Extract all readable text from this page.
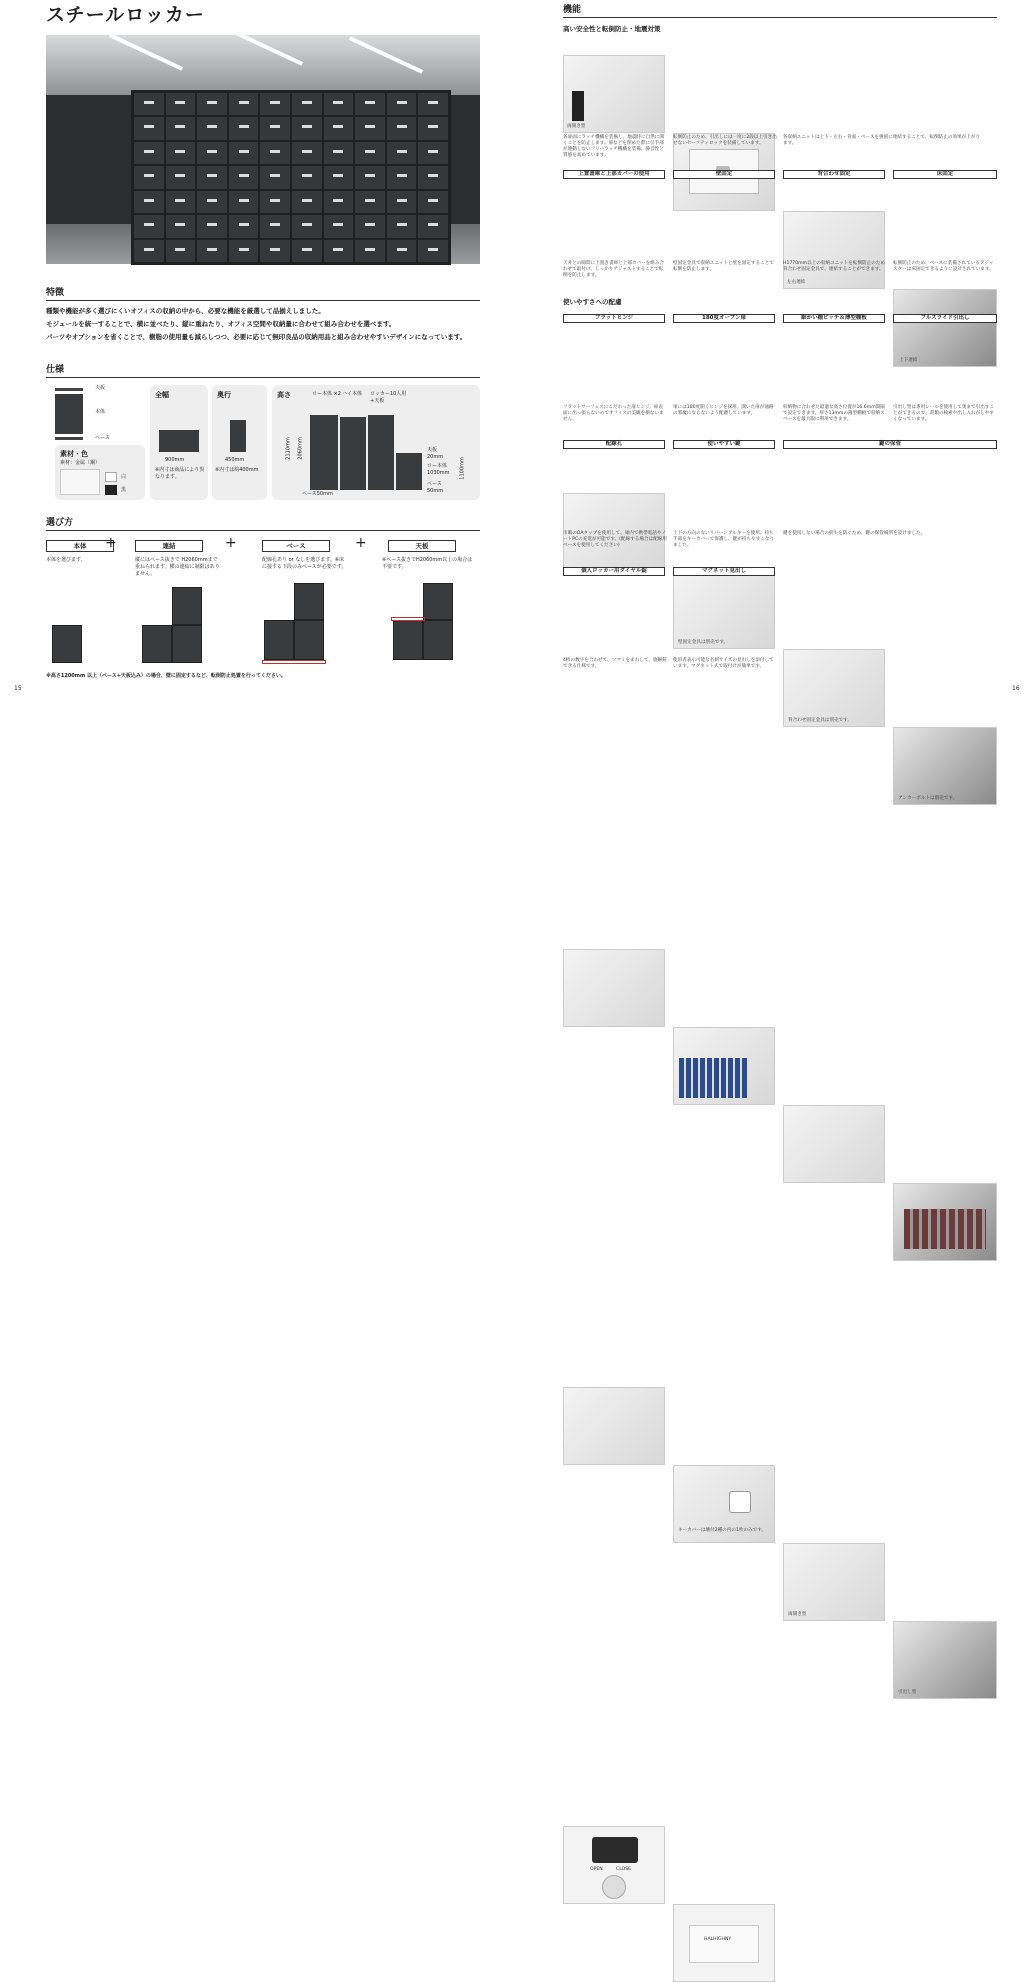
スチールロッカー
特徴
種類や機能が多く選びにくいオフィスの収納の中から、必要な機能を厳選して品揃えしました。
モジュールを統一することで、横に並べたり、縦に重ねたり、オフィス空間や収納量に合わせて組み合わせを選べます。
パーツやオプションを省くことで、樹脂の使用量も減らしつつ、必要に応じて無印良品の収納用品と組み合わせやすいデザインになっています。
仕様
天板
本体
ベース
素材・色
素材：金属（鋼）
白
黒
全幅
900mm
※内寸は商品により異なります。
奥行
450mm
※内寸は約400mm
高さ	ロー本体 ×2 ハイ本体	ロッカー10人用 +天板
2110mm 2060mm
1100mm
天板 20mm
ロー本体 1030mm
ベース 50mm
ベース50mm
選び方
本体	+	連結	+	ベース	+	天板
本体を選びます。	縦にはベース抜きで H2060mmまで重ねられます。横の連結に制限はありません。
配線孔あり or なしを選びます。※床に接する下段のみベースが必要です。
※ベース抜きでH2060mm以上の場合は不要です。
※高さ1200mm 以上（ベース+天板込み）の場合、壁に固定するなど、転倒防止処置を行ってください。
15
機能
高い安全性と転倒防止・地震対策
両開き型
左右連結
上下連結
各扉面にラッチ機構を装備し、地震時に自然に開くことを防止します。扉などを閉めた際に引手部が連動しないフリーラッチ機構を装備。静音性と質感を高めています。
転倒防止のため、引出しには一度に2段以上引き出せないセーフティロックを装備しています。
各収納ユニットは上下・左右・背面・ベースを強固に連結することで、転倒防止の効果が上がります。
上置書庫と上部カバーの使用	壁固定	背合わせ固定	床固定
壁固定金具は別売です。
背合わせ固定金具は別売です。
アンカーボルトは別売です。
天井との隙間に上置き書庫と上部カバーを組み合わせて取付け、しっかりアジャストすることで転倒を防止します。
壁固定金具で収納ユニットと壁を固定することで転倒を防止します。
H1770mm以上の収納ユニットを転倒防止のため背合わせ固定金具で、連結することができます。
転倒防止のため、ベースに装備されているアジャスターは床固定できるように設計されています。
使いやすさへの配慮
フラットヒンジ	180度オープン扉	細かい棚ピッチ＆薄型棚板	フルスライド引出し
フラットサーフェスにこだわった扉ヒンジ。扉表面に出っ張らないのでオフィスの美観を損ないません。
扉には180度開くヒンジを採用。開いた扉が通路の邪魔にならないよう配慮しています。
収納物に合わせた最適な高さ位置が16.6mm間隔で設定できます。厚さ13mmの薄型棚板で収納スペースを最大限に利用できます。
引出し型は専用レールを使用して奥まで引出すことができるので、書類の検索や出し入れがしやすくなっています。
配線孔	使いやすい鍵	鍵の保管
キーカバーは壊付2種の内の1枚のみです。
両開き型
引出し型
市販のOAタップを使用して、庫内で携帯電話やノートPCの充電が可能です。(配線する場合は配線用ベースを使用してください)
上下の方向のないリバーシブルキーを使用。持ち手部をキーカバーで保護し、鍵が持ちやすくなりました。
鍵を使用しない場合の紛失を防ぐため、鍵の保管場所を設けました。
個人ロッカー用ダイヤル錠	マグネット見出し
OPEN	CLOSE
HALHIGHNY
4桁の数字を合わせて、ツマミをまわして、施解錠できる仕様です。
使用者表示可能な名刺サイズの見出しを添付しています。マグネット式で取付けが簡単です。
16
